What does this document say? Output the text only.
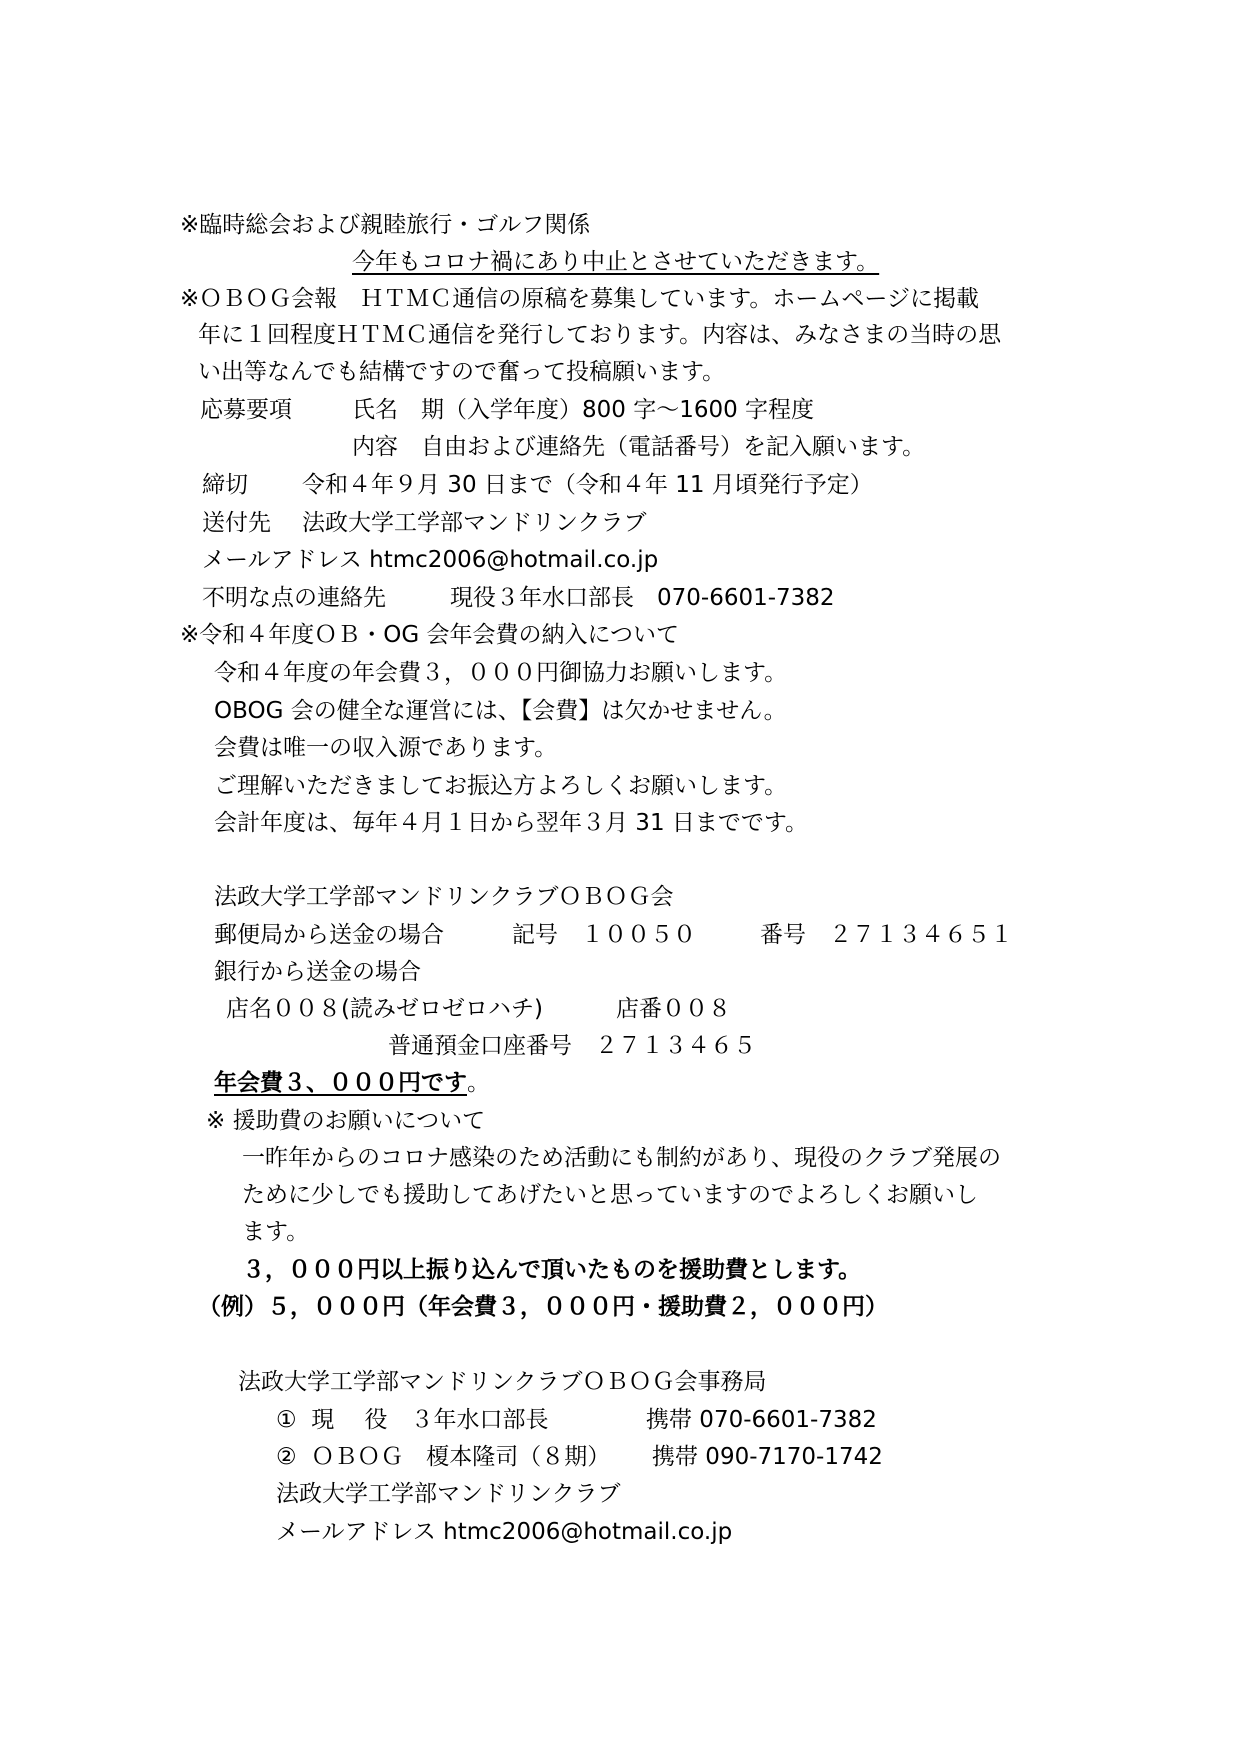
※臨時総会および親睦旅行・ゴルフ関係
今年もコロナ禍にあり中止とさせていただきます。
※ＯＢＯＧ会報　ＨＴＭＣ通信の原稿を募集しています。ホームページに掲載
年に１回程度ＨＴＭＣ通信を発行しております。内容は、みなさまの当時の思
い出等なんでも結構ですので奮って投稿願います。
応募要項	氏名　期（入学年度）800 字～1600 字程度
内容　自由および連絡先（電話番号）を記入願います。
締切 令和４年９月 30 日まで（令和４年 11 月頃発行予定）
送付先 法政大学工学部マンドリンクラブ
メールアドレス htmc2006@hotmail.co.jp
不明な点の連絡先	現役３年水口部長　070-6601-7382
※令和４年度ＯＢ・OG 会年会費の納入について
令和４年度の年会費３，０００円御協力お願いします。
OBOG 会の健全な運営には、【会費】は欠かせません。
会費は唯一の収入源であります。
ご理解いただきましてお振込方よろしくお願いします。
会計年度は、毎年４月１日から翌年３月 31 日までです。
法政大学工学部マンドリンクラブＯＢＯＧ会
郵便局から送金の場合	記号　１００５０	番号　２７１３４６５１
銀行から送金の場合
店名００８(読みゼロゼロハチ)	店番００８
普通預金口座番号　２７１３４６５
年会費３、０００円です。
※ 援助費のお願いについて
一昨年からのコロナ感染のため活動にも制約があり、現役のクラブ発展の
ために少しでも援助してあげたいと思っていますのでよろしくお願いし
ます。
３，０００円以上振り込んで頂いたものを援助費とします。
（例）５，０００円（年会費３，０００円・援助費２，０００円）
法政大学工学部マンドリンクラブＯＢＯＧ会事務局
①  現　 役　３年水口部長	携帯 070-6601-7382
②  ＯＢＯＧ　榎本隆司（８期） 携帯 090-7170-1742
法政大学工学部マンドリンクラブ
メールアドレス htmc2006@hotmail.co.jp
